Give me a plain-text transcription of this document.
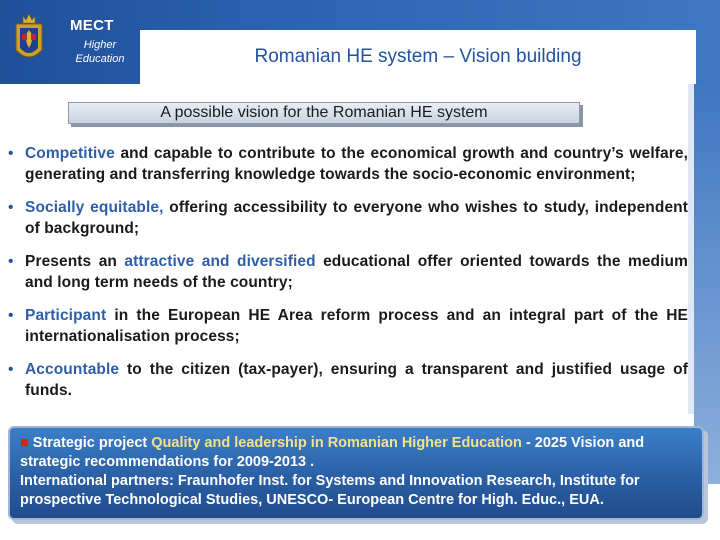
MECT
Higher Education	Romanian HE system – Vision building
A possible vision for the Romanian HE system
• Competitive and capable to contribute to the economical growth and country’s welfare, generating and transferring knowledge towards the socio-economic environment;
• Socially equitable, offering accessibility to everyone who wishes to study, independent of background;
• Presents an attractive and diversified educational offer oriented towards the medium and long term needs of the country;
• Participant in the European HE Area reform process and an integral part of the HE internationalisation process;
• Accountable to the citizen (tax-payer), ensuring a transparent and justified usage of funds.
■ Strategic project Quality and leadership in Romanian Higher Education - 2025 Vision and strategic recommendations for 2009-2013 .
International partners: Fraunhofer Inst. for Systems and Innovation Research, Institute for prospective Technological Studies, UNESCO- European Centre for High. Educ., EUA.
